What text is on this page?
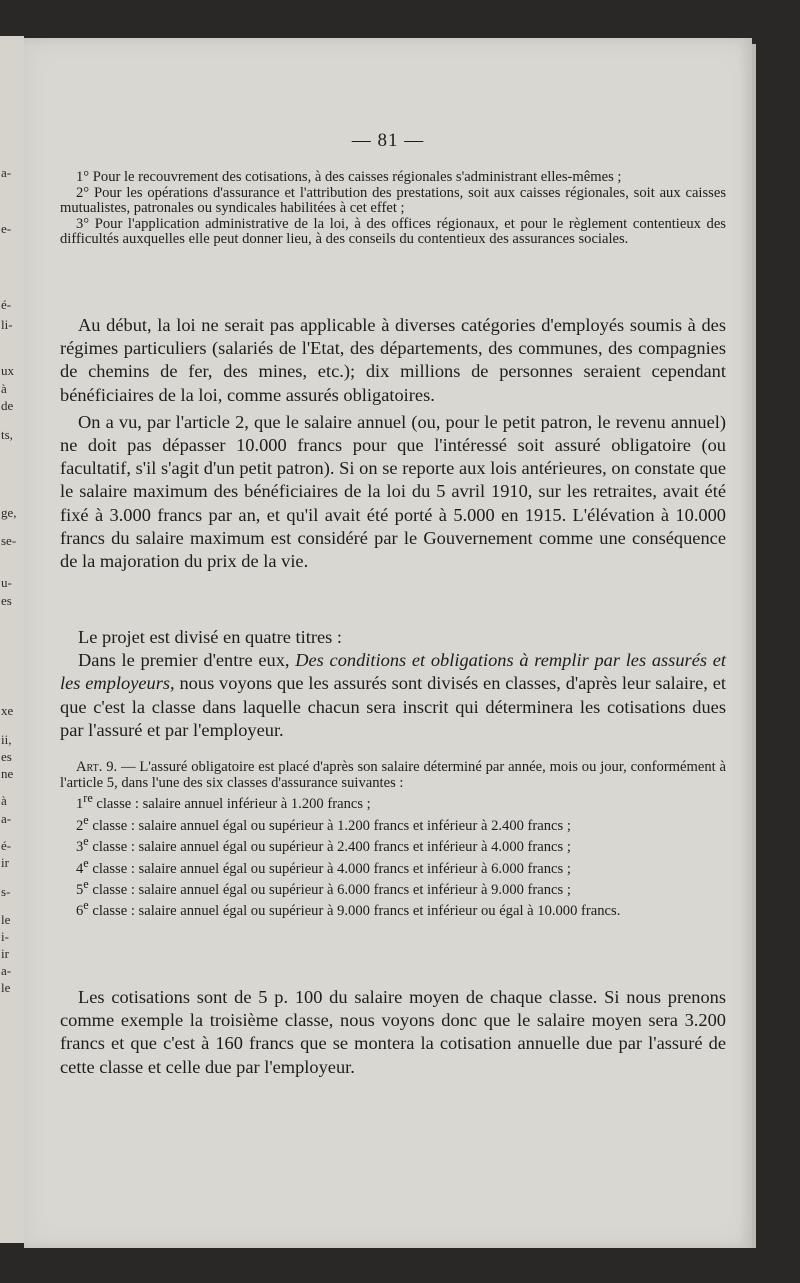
a-
e-
é-
li-
ux
à
de
ts,
ge,
se-
u-
es
xe
ii,
es
ne
à
a-
é-
ir
s-
le
i-
ir
a-
le
— 81 —

1° Pour le recouvrement des cotisations, à des caisses régionales s'administrant elles-mêmes ;

2° Pour les opérations d'assurance et l'attribution des prestations, soit aux caisses régionales, soit aux caisses mutualistes, patronales ou syndicales habilitées à cet effet ;

3° Pour l'application administrative de la loi, à des offices régionaux, et pour le règlement contentieux des difficultés auxquelles elle peut donner lieu, à des conseils du contentieux des assurances sociales.

Au début, la loi ne serait pas applicable à diverses catégories d'employés soumis à des régimes particuliers (salariés de l'Etat, des départements, des communes, des compagnies de chemins de fer, des mines, etc.); dix millions de personnes seraient cependant bénéficiaires de la loi, comme assurés obligatoires.

On a vu, par l'article 2, que le salaire annuel (ou, pour le petit patron, le revenu annuel) ne doit pas dépasser 10.000 francs pour que l'intéressé soit assuré obligatoire (ou facultatif, s'il s'agit d'un petit patron). Si on se reporte aux lois antérieures, on constate que le salaire maximum des bénéficiaires de la loi du 5 avril 1910, sur les retraites, avait été fixé à 3.000 francs par an, et qu'il avait été porté à 5.000 en 1915. L'élévation à 10.000 francs du salaire maximum est considéré par le Gouvernement comme une conséquence de la majoration du prix de la vie.

Le projet est divisé en quatre titres :

Dans le premier d'entre eux, Des conditions et obligations à remplir par les assurés et les employeurs, nous voyons que les assurés sont divisés en classes, d'après leur salaire, et que c'est la classe dans laquelle chacun sera inscrit qui déterminera les cotisations dues par l'assuré et par l'employeur.

Art. 9. — L'assuré obligatoire est placé d'après son salaire déterminé par année, mois ou jour, conformément à l'article 5, dans l'une des six classes d'assurance suivantes :

1re classe : salaire annuel inférieur à 1.200 francs ;

2e classe : salaire annuel égal ou supérieur à 1.200 francs et inférieur à 2.400 francs ;

3e classe : salaire annuel égal ou supérieur à 2.400 francs et inférieur à 4.000 francs ;

4e classe : salaire annuel égal ou supérieur à 4.000 francs et inférieur à 6.000 francs ;

5e classe : salaire annuel égal ou supérieur à 6.000 francs et inférieur à 9.000 francs ;

6e classe : salaire annuel égal ou supérieur à 9.000 francs et inférieur ou égal à 10.000 francs.

Les cotisations sont de 5 p. 100 du salaire moyen de chaque classe. Si nous prenons comme exemple la troisième classe, nous voyons donc que le salaire moyen sera 3.200 francs et que c'est à 160 francs que se montera la cotisation annuelle due par l'assuré de cette classe et celle due par l'employeur.
